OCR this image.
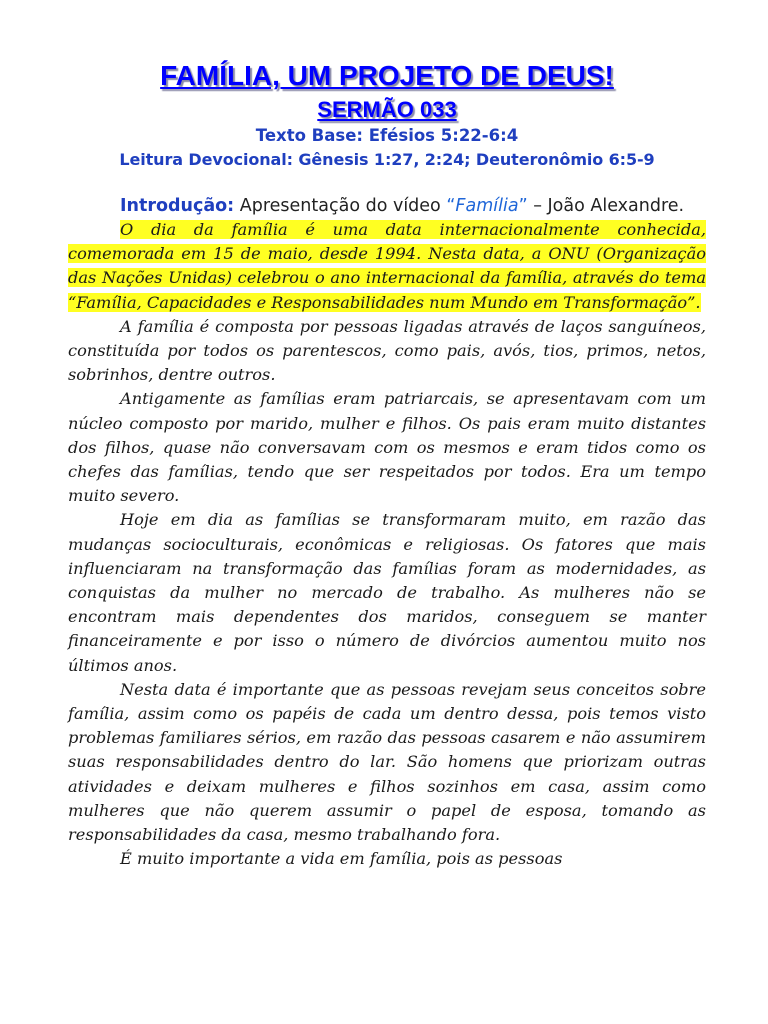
FAMÍLIA, UM PROJETO DE DEUS!
SERMÃO 033

Texto Base: Efésios 5:22-6:4

Leitura Devocional: Gênesis 1:27, 2:24; Deuteronômio 6:5-9

Introdução: Apresentação do vídeo “Família” – João Alexandre.

O dia da família é uma data internacionalmente conhecida, comemorada em 15 de maio, desde 1994. Nesta data, a ONU (Organização das Nações Unidas) celebrou o ano internacional da família, através do tema “Família, Capacidades e Responsabilidades num Mundo em Transformação”.

A família é composta por pessoas ligadas através de laços sanguíneos, constituída por todos os parentescos, como pais, avós, tios, primos, netos, sobrinhos, dentre outros.

Antigamente as famílias eram patriarcais, se apresentavam com um núcleo composto por marido, mulher e filhos. Os pais eram muito distantes dos filhos, quase não conversavam com os mesmos e eram tidos como os chefes das famílias, tendo que ser respeitados por todos. Era um tempo muito severo.

Hoje em dia as famílias se transformaram muito, em razão das mudanças socioculturais, econômicas e religiosas. Os fatores que mais influenciaram na transformação das famílias foram as modernidades, as conquistas da mulher no mercado de trabalho. As mulheres não se encontram mais dependentes dos maridos, conseguem se manter financeiramente e por isso o número de divórcios aumentou muito nos últimos anos.

Nesta data é importante que as pessoas revejam seus conceitos sobre família, assim como os papéis de cada um dentro dessa, pois temos visto problemas familiares sérios, em razão das pessoas casarem e não assumirem suas responsabilidades dentro do lar. São homens que priorizam outras atividades e deixam mulheres e filhos sozinhos em casa, assim como mulheres que não querem assumir o papel de esposa, tomando as responsabilidades da casa, mesmo trabalhando fora.

É muito importante a vida em família, pois as pessoas
